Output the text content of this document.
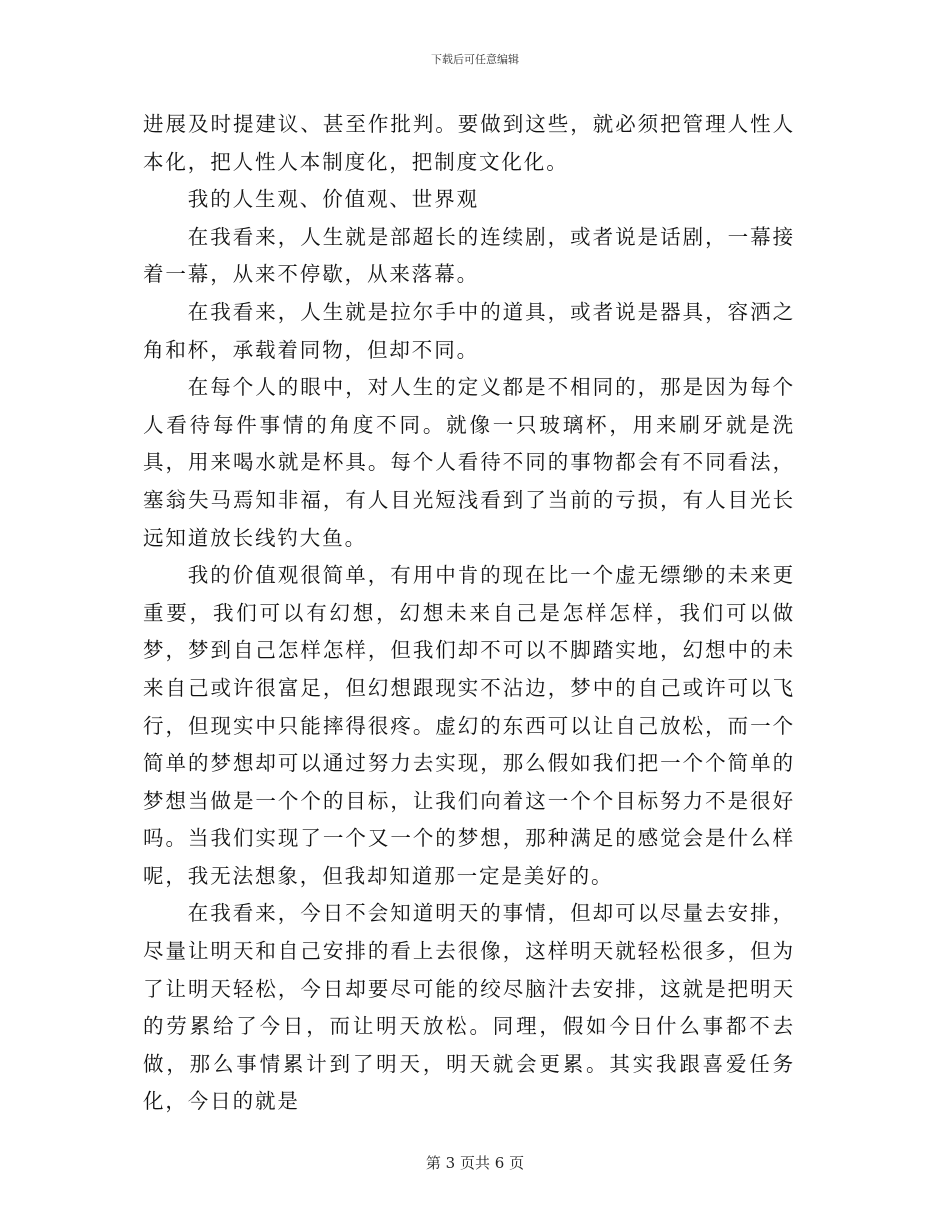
下载后可任意编辑

进展及时提建议、甚至作批判。要做到这些，就必须把管理人性人本化，把人性人本制度化，把制度文化化。

我的人生观、价值观、世界观

在我看来，人生就是部超长的连续剧，或者说是话剧，一幕接着一幕，从来不停歇，从来落幕。

在我看来，人生就是拉尔手中的道具，或者说是器具，容洒之角和杯，承载着同物，但却不同。

在每个人的眼中，对人生的定义都是不相同的，那是因为每个人看待每件事情的角度不同。就像一只玻璃杯，用来刷牙就是洗具，用来喝水就是杯具。每个人看待不同的事物都会有不同看法，塞翁失马焉知非福，有人目光短浅看到了当前的亏损，有人目光长远知道放长线钓大鱼。

我的价值观很简单，有用中肯的现在比一个虚无缥缈的未来更重要，我们可以有幻想，幻想未来自己是怎样怎样，我们可以做梦，梦到自己怎样怎样，但我们却不可以不脚踏实地，幻想中的未来自己或许很富足，但幻想跟现实不沾边，梦中的自己或许可以飞行，但现实中只能摔得很疼。虚幻的东西可以让自己放松，而一个简单的梦想却可以通过努力去实现，那么假如我们把一个个简单的梦想当做是一个个的目标，让我们向着这一个个目标努力不是很好吗。当我们实现了一个又一个的梦想，那种满足的感觉会是什么样呢，我无法想象，但我却知道那一定是美好的。

在我看来，今日不会知道明天的事情，但却可以尽量去安排，尽量让明天和自己安排的看上去很像，这样明天就轻松很多，但为了让明天轻松，今日却要尽可能的绞尽脑汁去安排，这就是把明天的劳累给了今日，而让明天放松。同理，假如今日什么事都不去做，那么事情累计到了明天，明天就会更累。其实我跟喜爱任务化，今日的就是

第 3 页共 6 页
